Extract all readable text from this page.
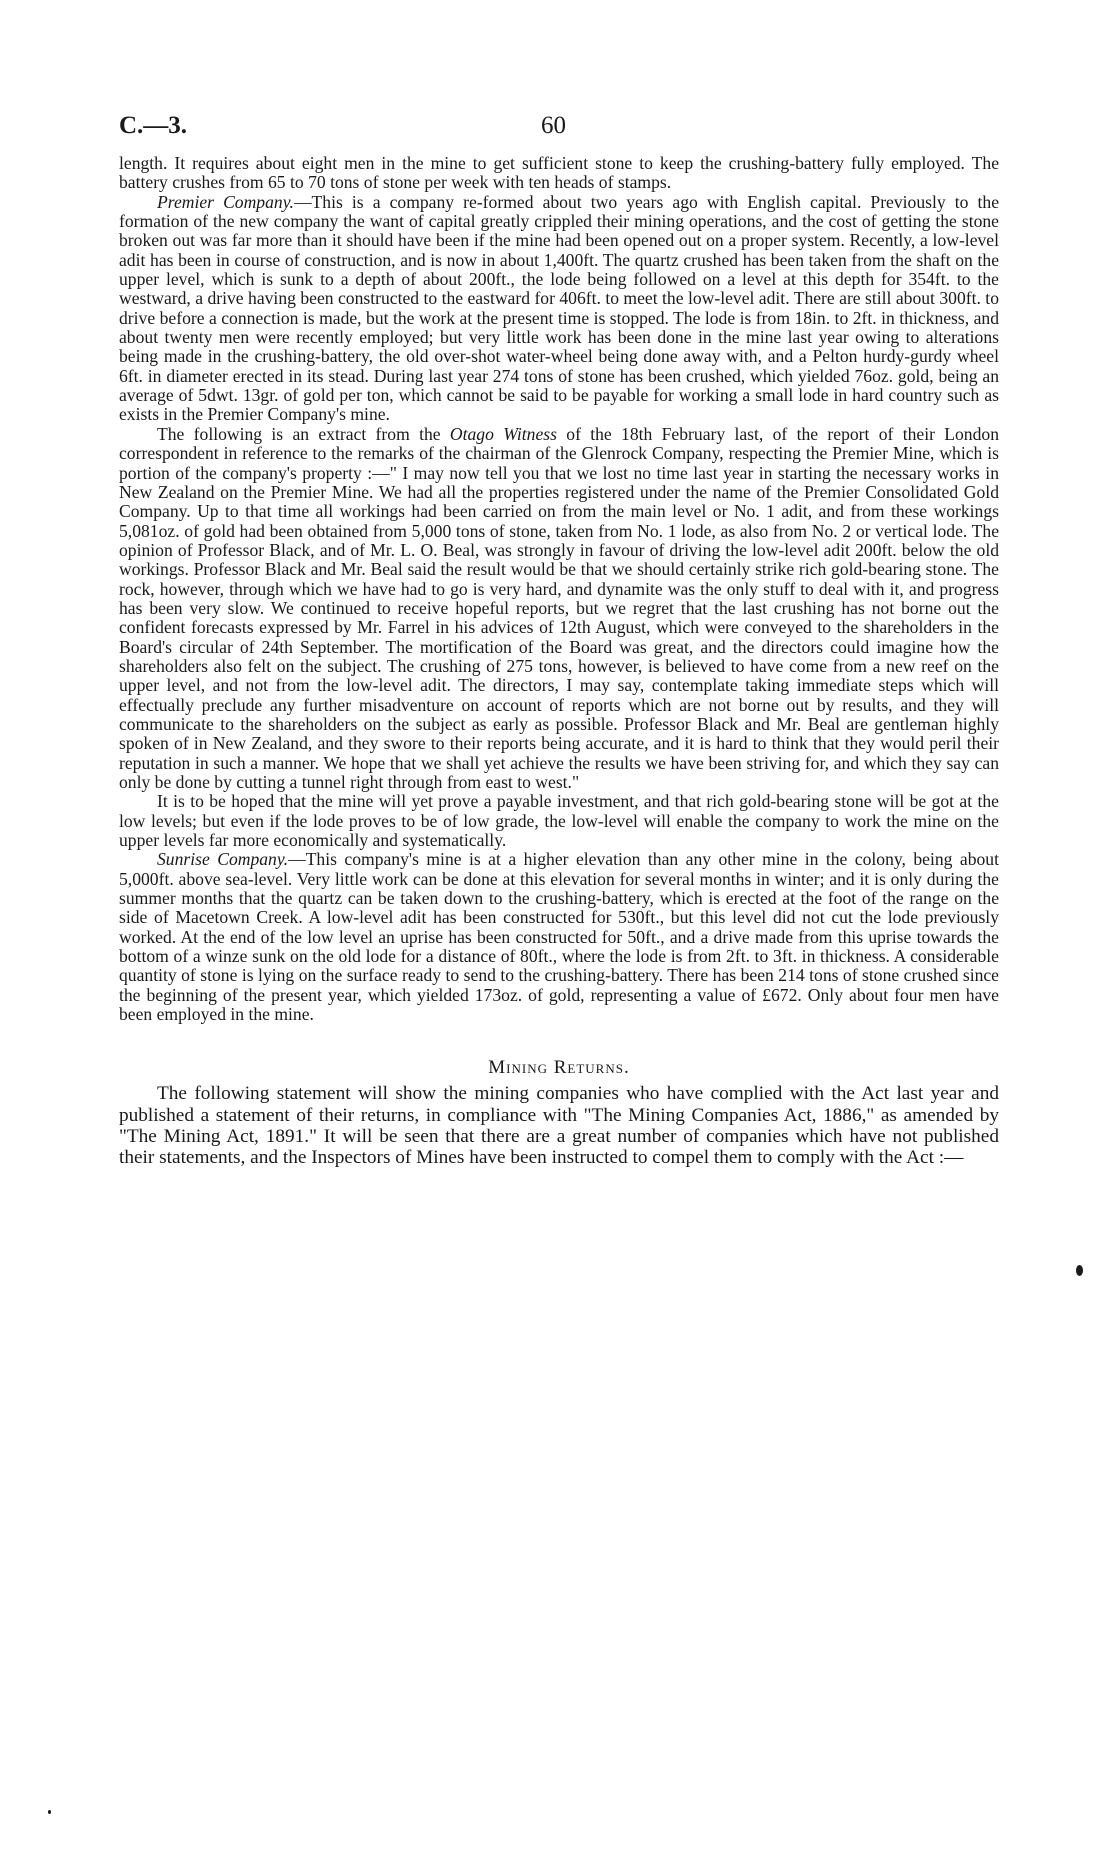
C.—3.	60

length. It requires about eight men in the mine to get sufficient stone to keep the crushing-battery fully employed. The battery crushes from 65 to 70 tons of stone per week with ten heads of stamps.

Premier Company.—This is a company re-formed about two years ago with English capital. Previously to the formation of the new company the want of capital greatly crippled their mining operations, and the cost of getting the stone broken out was far more than it should have been if the mine had been opened out on a proper system. Recently, a low-level adit has been in course of construction, and is now in about 1,400ft. The quartz crushed has been taken from the shaft on the upper level, which is sunk to a depth of about 200ft., the lode being followed on a level at this depth for 354ft. to the westward, a drive having been constructed to the eastward for 406ft. to meet the low-level adit. There are still about 300ft. to drive before a connection is made, but the work at the present time is stopped. The lode is from 18in. to 2ft. in thickness, and about twenty men were recently employed; but very little work has been done in the mine last year owing to alterations being made in the crushing-battery, the old over-shot water-wheel being done away with, and a Pelton hurdy-gurdy wheel 6ft. in diameter erected in its stead. During last year 274 tons of stone has been crushed, which yielded 76oz. gold, being an average of 5dwt. 13gr. of gold per ton, which cannot be said to be payable for working a small lode in hard country such as exists in the Premier Company's mine.

The following is an extract from the Otago Witness of the 18th February last, of the report of their London correspondent in reference to the remarks of the chairman of the Glenrock Company, respecting the Premier Mine, which is portion of the company's property :—" I may now tell you that we lost no time last year in starting the necessary works in New Zealand on the Premier Mine. We had all the properties registered under the name of the Premier Consolidated Gold Company. Up to that time all workings had been carried on from the main level or No. 1 adit, and from these workings 5,081oz. of gold had been obtained from 5,000 tons of stone, taken from No. 1 lode, as also from No. 2 or vertical lode. The opinion of Professor Black, and of Mr. L. O. Beal, was strongly in favour of driving the low-level adit 200ft. below the old workings. Professor Black and Mr. Beal said the result would be that we should certainly strike rich gold-bearing stone. The rock, however, through which we have had to go is very hard, and dynamite was the only stuff to deal with it, and progress has been very slow. We continued to receive hopeful reports, but we regret that the last crushing has not borne out the confident forecasts expressed by Mr. Farrel in his advices of 12th August, which were conveyed to the shareholders in the Board's circular of 24th September. The mortification of the Board was great, and the directors could imagine how the shareholders also felt on the subject. The crushing of 275 tons, however, is believed to have come from a new reef on the upper level, and not from the low-level adit. The directors, I may say, contemplate taking immediate steps which will effectually preclude any further misadventure on account of reports which are not borne out by results, and they will communicate to the shareholders on the subject as early as possible. Professor Black and Mr. Beal are gentleman highly spoken of in New Zealand, and they swore to their reports being accurate, and it is hard to think that they would peril their reputation in such a manner. We hope that we shall yet achieve the results we have been striving for, and which they say can only be done by cutting a tunnel right through from east to west."

It is to be hoped that the mine will yet prove a payable investment, and that rich gold-bearing stone will be got at the low levels; but even if the lode proves to be of low grade, the low-level will enable the company to work the mine on the upper levels far more economically and systematically.

Sunrise Company.—This company's mine is at a higher elevation than any other mine in the colony, being about 5,000ft. above sea-level. Very little work can be done at this elevation for several months in winter; and it is only during the summer months that the quartz can be taken down to the crushing-battery, which is erected at the foot of the range on the side of Macetown Creek. A low-level adit has been constructed for 530ft., but this level did not cut the lode previously worked. At the end of the low level an uprise has been constructed for 50ft., and a drive made from this uprise towards the bottom of a winze sunk on the old lode for a distance of 80ft., where the lode is from 2ft. to 3ft. in thickness. A considerable quantity of stone is lying on the surface ready to send to the crushing-battery. There has been 214 tons of stone crushed since the beginning of the present year, which yielded 173oz. of gold, representing a value of £672. Only about four men have been employed in the mine.

Mining Returns.

The following statement will show the mining companies who have complied with the Act last year and published a statement of their returns, in compliance with "The Mining Companies Act, 1886," as amended by "The Mining Act, 1891." It will be seen that there are a great number of companies which have not published their statements, and the Inspectors of Mines have been instructed to compel them to comply with the Act :—
